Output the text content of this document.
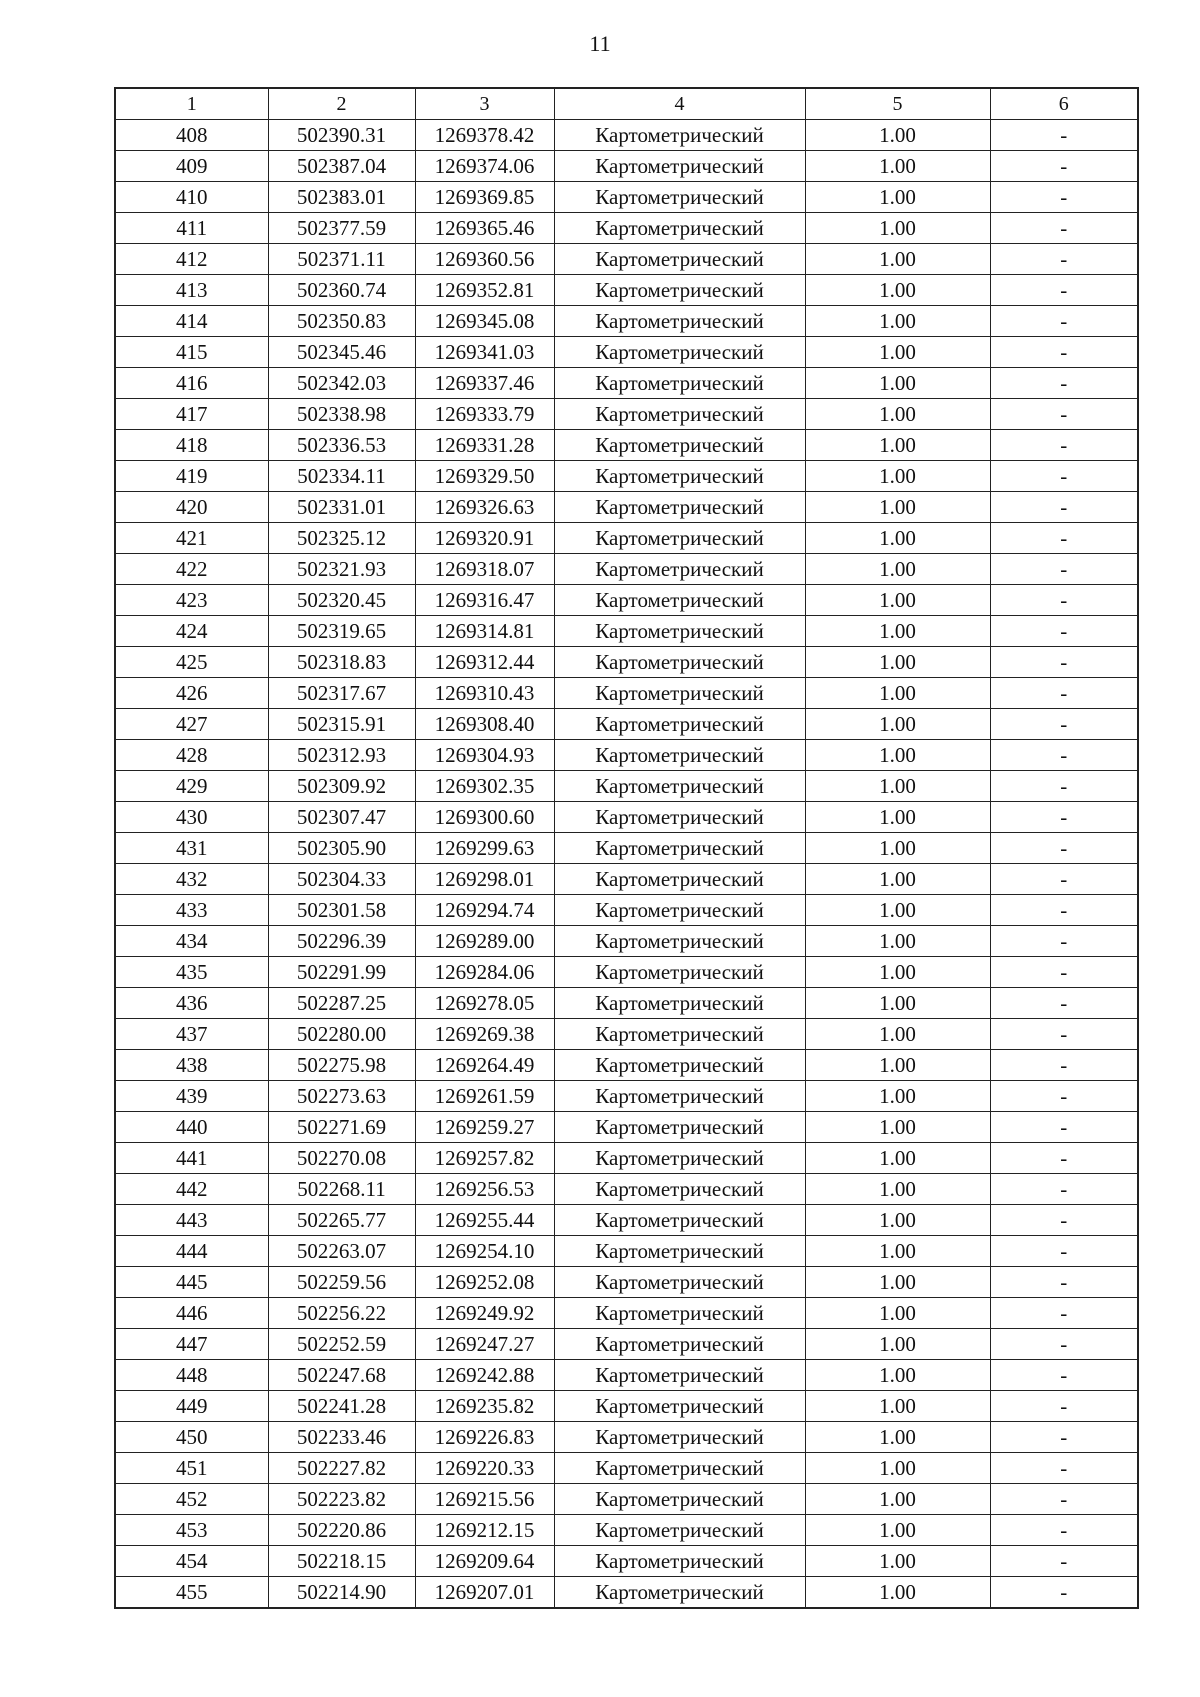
11
1	2	3	4	5	6
408	502390.31	1269378.42	Картометрический	1.00	-
409	502387.04	1269374.06	Картометрический	1.00	-
410	502383.01	1269369.85	Картометрический	1.00	-
411	502377.59	1269365.46	Картометрический	1.00	-
412	502371.11	1269360.56	Картометрический	1.00	-
413	502360.74	1269352.81	Картометрический	1.00	-
414	502350.83	1269345.08	Картометрический	1.00	-
415	502345.46	1269341.03	Картометрический	1.00	-
416	502342.03	1269337.46	Картометрический	1.00	-
417	502338.98	1269333.79	Картометрический	1.00	-
418	502336.53	1269331.28	Картометрический	1.00	-
419	502334.11	1269329.50	Картометрический	1.00	-
420	502331.01	1269326.63	Картометрический	1.00	-
421	502325.12	1269320.91	Картометрический	1.00	-
422	502321.93	1269318.07	Картометрический	1.00	-
423	502320.45	1269316.47	Картометрический	1.00	-
424	502319.65	1269314.81	Картометрический	1.00	-
425	502318.83	1269312.44	Картометрический	1.00	-
426	502317.67	1269310.43	Картометрический	1.00	-
427	502315.91	1269308.40	Картометрический	1.00	-
428	502312.93	1269304.93	Картометрический	1.00	-
429	502309.92	1269302.35	Картометрический	1.00	-
430	502307.47	1269300.60	Картометрический	1.00	-
431	502305.90	1269299.63	Картометрический	1.00	-
432	502304.33	1269298.01	Картометрический	1.00	-
433	502301.58	1269294.74	Картометрический	1.00	-
434	502296.39	1269289.00	Картометрический	1.00	-
435	502291.99	1269284.06	Картометрический	1.00	-
436	502287.25	1269278.05	Картометрический	1.00	-
437	502280.00	1269269.38	Картометрический	1.00	-
438	502275.98	1269264.49	Картометрический	1.00	-
439	502273.63	1269261.59	Картометрический	1.00	-
440	502271.69	1269259.27	Картометрический	1.00	-
441	502270.08	1269257.82	Картометрический	1.00	-
442	502268.11	1269256.53	Картометрический	1.00	-
443	502265.77	1269255.44	Картометрический	1.00	-
444	502263.07	1269254.10	Картометрический	1.00	-
445	502259.56	1269252.08	Картометрический	1.00	-
446	502256.22	1269249.92	Картометрический	1.00	-
447	502252.59	1269247.27	Картометрический	1.00	-
448	502247.68	1269242.88	Картометрический	1.00	-
449	502241.28	1269235.82	Картометрический	1.00	-
450	502233.46	1269226.83	Картометрический	1.00	-
451	502227.82	1269220.33	Картометрический	1.00	-
452	502223.82	1269215.56	Картометрический	1.00	-
453	502220.86	1269212.15	Картометрический	1.00	-
454	502218.15	1269209.64	Картометрический	1.00	-
455	502214.90	1269207.01	Картометрический	1.00	-
